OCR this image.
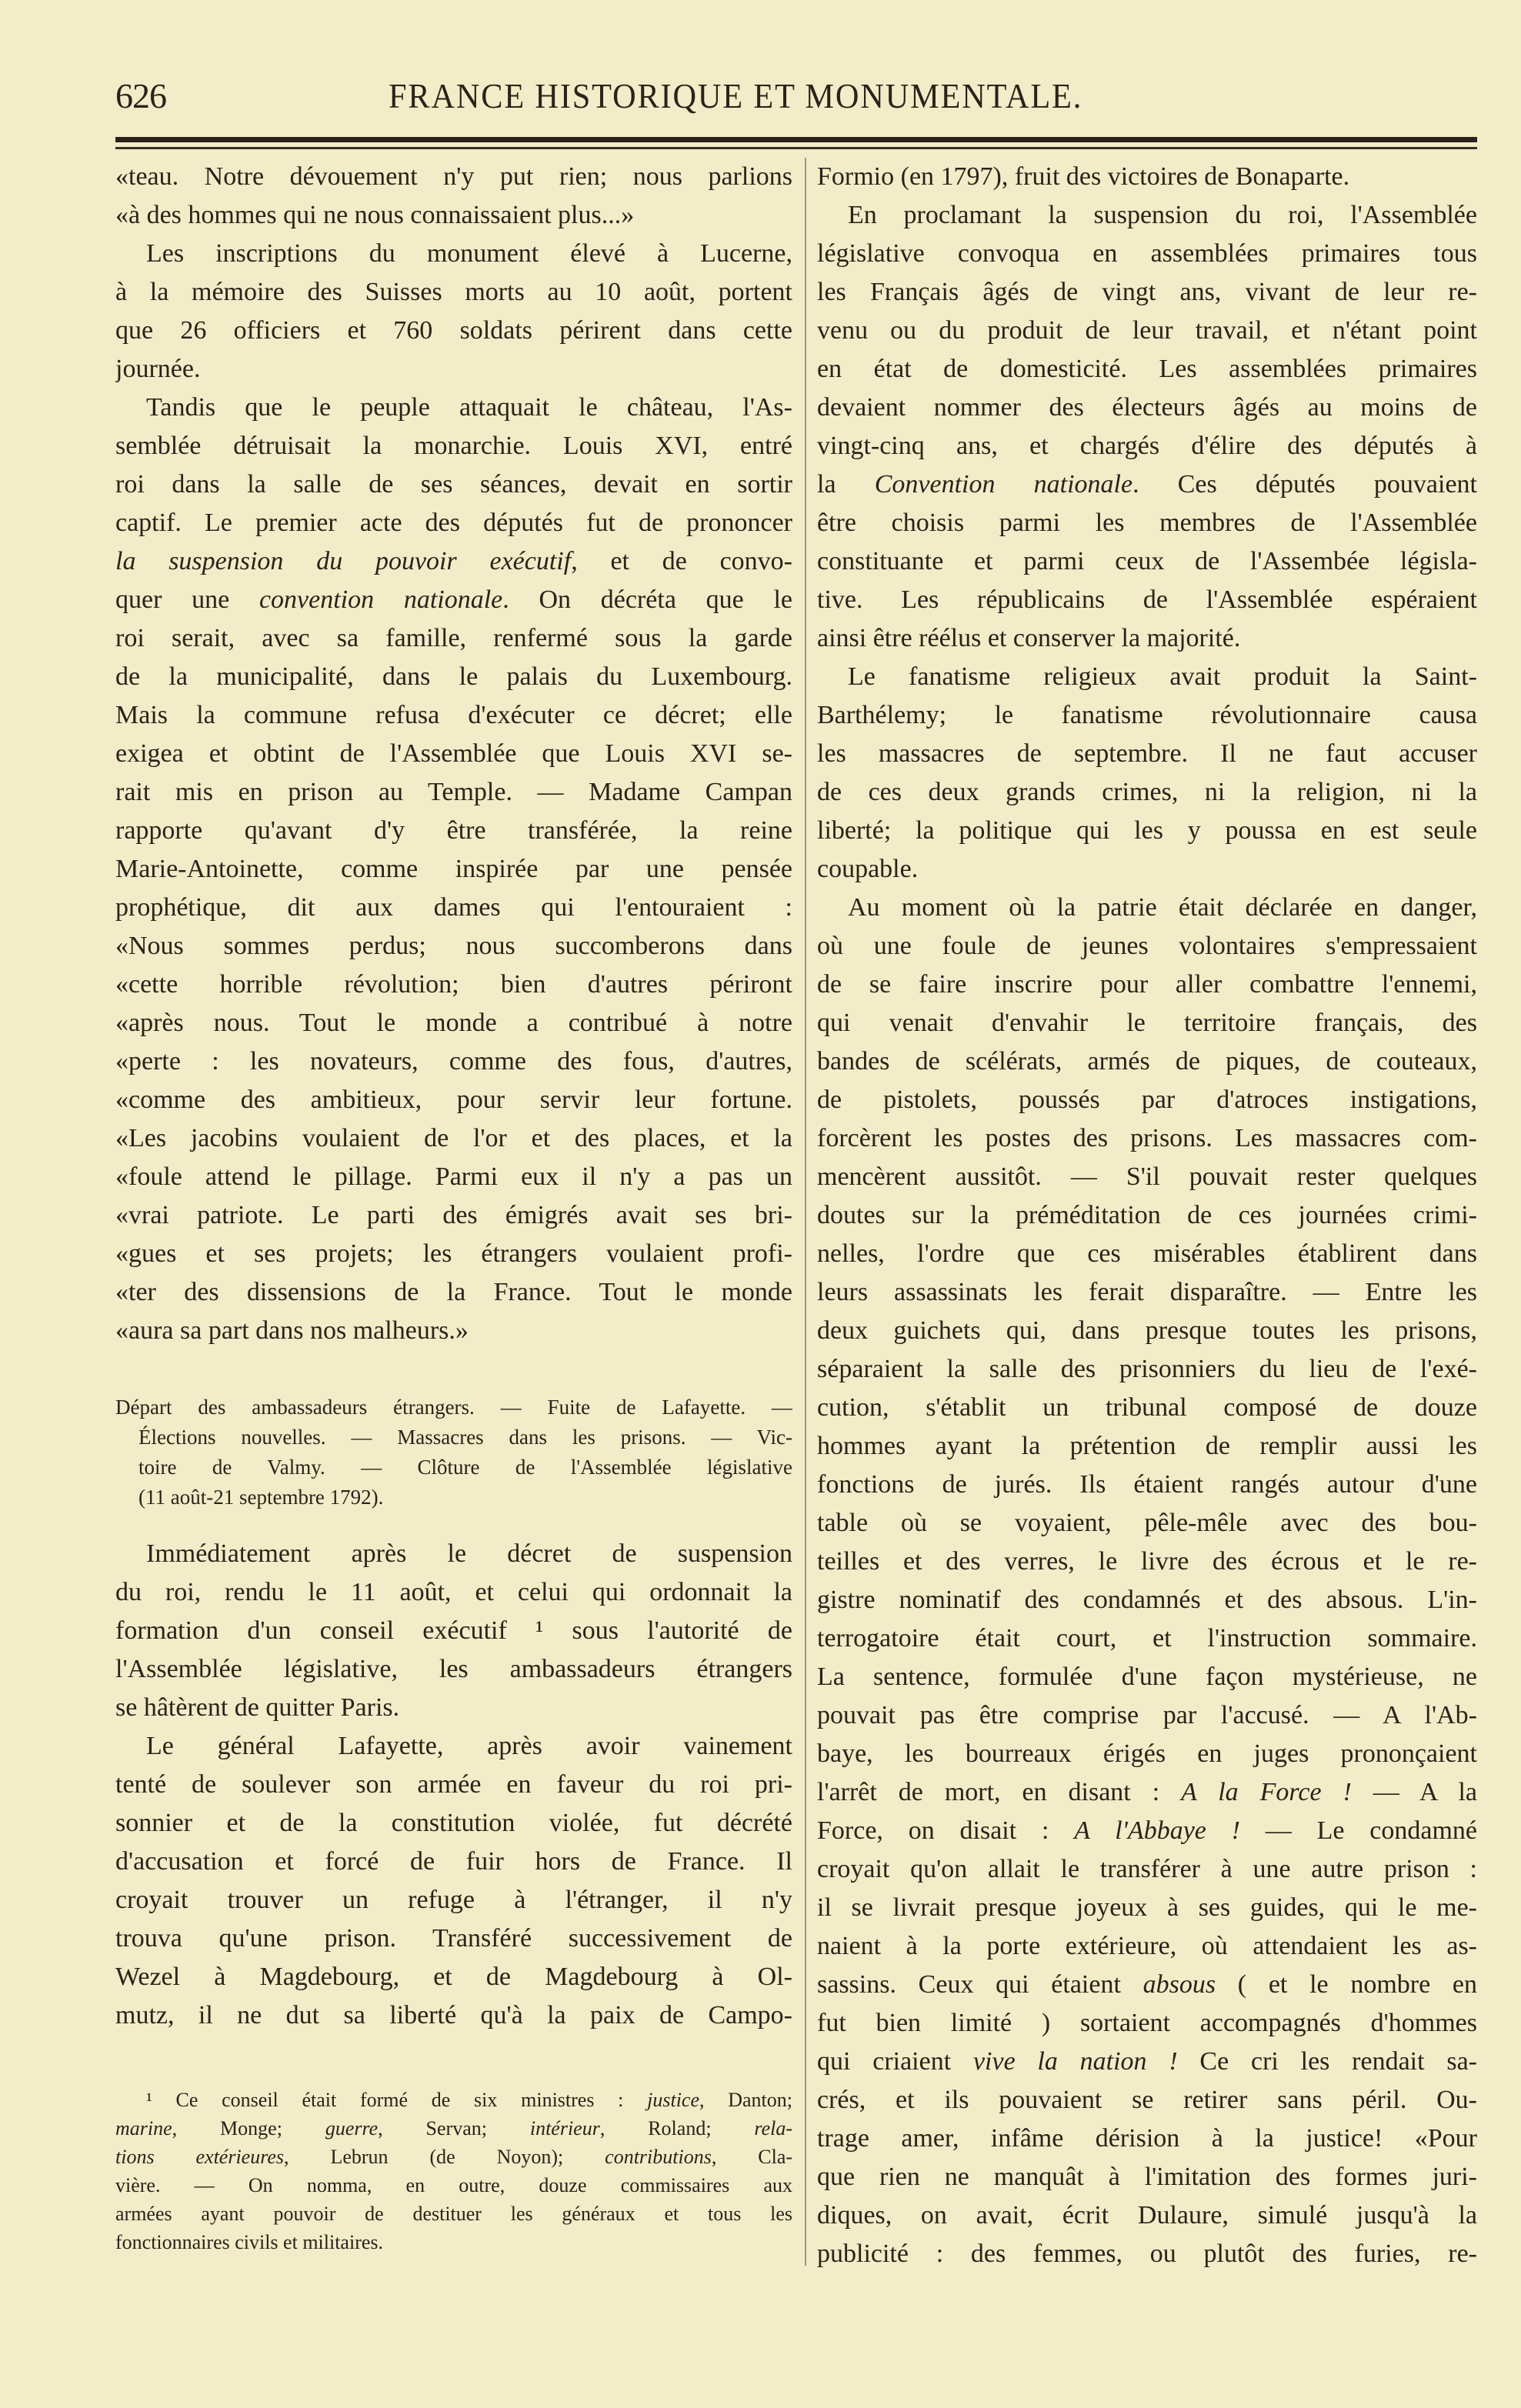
626	FRANCE HISTORIQUE ET MONUMENTALE.
«teau. Notre dévouement n'y put rien; nous parlions
«à des hommes qui ne nous connaissaient plus...»
Les inscriptions du monument élevé à Lucerne,
à la mémoire des Suisses morts au 10 août, portent
que 26 officiers et 760 soldats périrent dans cette
journée.
Tandis que le peuple attaquait le château, l'As-
semblée détruisait la monarchie. Louis XVI, entré
roi dans la salle de ses séances, devait en sortir
captif. Le premier acte des députés fut de prononcer
la suspension du pouvoir exécutif, et de convo-
quer une convention nationale. On décréta que le
roi serait, avec sa famille, renfermé sous la garde
de la municipalité, dans le palais du Luxembourg.
Mais la commune refusa d'exécuter ce décret; elle
exigea et obtint de l'Assemblée que Louis XVI se-
rait mis en prison au Temple. — Madame Campan
rapporte qu'avant d'y être transférée, la reine
Marie-Antoinette, comme inspirée par une pensée
prophétique, dit aux dames qui l'entouraient :
«Nous sommes perdus; nous succomberons dans
«cette horrible révolution; bien d'autres périront
«après nous. Tout le monde a contribué à notre
«perte : les novateurs, comme des fous, d'autres,
«comme des ambitieux, pour servir leur fortune.
«Les jacobins voulaient de l'or et des places, et la
«foule attend le pillage. Parmi eux il n'y a pas un
«vrai patriote. Le parti des émigrés avait ses bri-
«gues et ses projets; les étrangers voulaient profi-
«ter des dissensions de la France. Tout le monde
«aura sa part dans nos malheurs.»
Départ des ambassadeurs étrangers. — Fuite de Lafayette. —
Élections nouvelles. — Massacres dans les prisons. — Vic-
toire de Valmy. — Clôture de l'Assemblée législative
(11 août-21 septembre 1792).
Immédiatement après le décret de suspension
du roi, rendu le 11 août, et celui qui ordonnait la
formation d'un conseil exécutif ¹ sous l'autorité de
l'Assemblée législative, les ambassadeurs étrangers
se hâtèrent de quitter Paris.
Le général Lafayette, après avoir vainement
tenté de soulever son armée en faveur du roi pri-
sonnier et de la constitution violée, fut décrété
d'accusation et forcé de fuir hors de France. Il
croyait trouver un refuge à l'étranger, il n'y
trouva qu'une prison. Transféré successivement de
Wezel à Magdebourg, et de Magdebourg à Ol-
mutz, il ne dut sa liberté qu'à la paix de Campo-
¹ Ce conseil était formé de six ministres : justice, Danton;
marine, Monge; guerre, Servan; intérieur, Roland; rela-
tions extérieures, Lebrun (de Noyon); contributions, Cla-
vière. — On nomma, en outre, douze commissaires aux
armées ayant pouvoir de destituer les généraux et tous les
fonctionnaires civils et militaires.
Formio (en 1797), fruit des victoires de Bonaparte.
En proclamant la suspension du roi, l'Assemblée
législative convoqua en assemblées primaires tous
les Français âgés de vingt ans, vivant de leur re-
venu ou du produit de leur travail, et n'étant point
en état de domesticité. Les assemblées primaires
devaient nommer des électeurs âgés au moins de
vingt-cinq ans, et chargés d'élire des députés à
la Convention nationale. Ces députés pouvaient
être choisis parmi les membres de l'Assemblée
constituante et parmi ceux de l'Assembée législa-
tive. Les républicains de l'Assemblée espéraient
ainsi être réélus et conserver la majorité.
Le fanatisme religieux avait produit la Saint-
Barthélemy; le fanatisme révolutionnaire causa
les massacres de septembre. Il ne faut accuser
de ces deux grands crimes, ni la religion, ni la
liberté; la politique qui les y poussa en est seule
coupable.
Au moment où la patrie était déclarée en danger,
où une foule de jeunes volontaires s'empressaient
de se faire inscrire pour aller combattre l'ennemi,
qui venait d'envahir le territoire français, des
bandes de scélérats, armés de piques, de couteaux,
de pistolets, poussés par d'atroces instigations,
forcèrent les postes des prisons. Les massacres com-
mencèrent aussitôt. — S'il pouvait rester quelques
doutes sur la préméditation de ces journées crimi-
nelles, l'ordre que ces misérables établirent dans
leurs assassinats les ferait disparaître. — Entre les
deux guichets qui, dans presque toutes les prisons,
séparaient la salle des prisonniers du lieu de l'exé-
cution, s'établit un tribunal composé de douze
hommes ayant la prétention de remplir aussi les
fonctions de jurés. Ils étaient rangés autour d'une
table où se voyaient, pêle-mêle avec des bou-
teilles et des verres, le livre des écrous et le re-
gistre nominatif des condamnés et des absous. L'in-
terrogatoire était court, et l'instruction sommaire.
La sentence, formulée d'une façon mystérieuse, ne
pouvait pas être comprise par l'accusé. — A l'Ab-
baye, les bourreaux érigés en juges prononçaient
l'arrêt de mort, en disant : A la Force ! — A la
Force, on disait : A l'Abbaye ! — Le condamné
croyait qu'on allait le transférer à une autre prison :
il se livrait presque joyeux à ses guides, qui le me-
naient à la porte extérieure, où attendaient les as-
sassins. Ceux qui étaient absous ( et le nombre en
fut bien limité ) sortaient accompagnés d'hommes
qui criaient vive la nation ! Ce cri les rendait sa-
crés, et ils pouvaient se retirer sans péril. Ou-
trage amer, infâme dérision à la justice! «Pour
que rien ne manquât à l'imitation des formes juri-
diques, on avait, écrit Dulaure, simulé jusqu'à la
publicité : des femmes, ou plutôt des furies, re-
